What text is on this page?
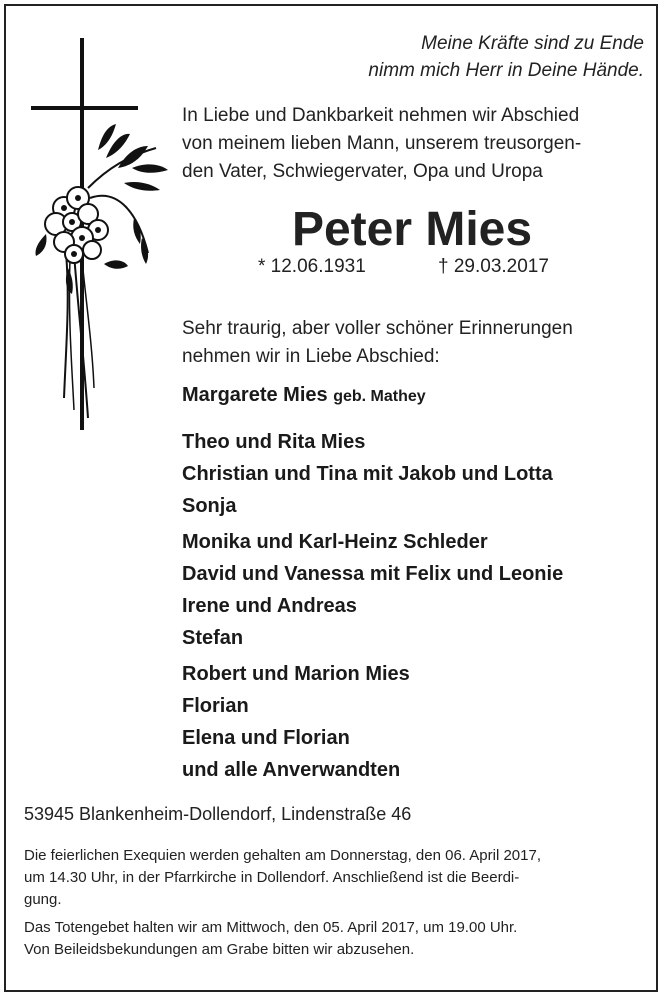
Meine Kräfte sind zu Ende
nimm mich Herr in Deine Hände.
In Liebe und Dankbarkeit nehmen wir Abschied
von meinem lieben Mann, unserem treusorgen-
den Vater, Schwiegervater, Opa und Uropa
Peter Mies
* 12.06.1931	† 29.03.2017
Sehr traurig, aber voller schöner Erinnerungen
nehmen wir in Liebe Abschied:
Margarete Mies geb. Mathey
Theo und Rita Mies
Christian und Tina mit Jakob und Lotta
Sonja
Monika und Karl-Heinz Schleder
David und Vanessa mit Felix und Leonie
Irene und Andreas
Stefan
Robert und Marion Mies
Florian
Elena und Florian
und alle Anverwandten
53945 Blankenheim-Dollendorf, Lindenstraße 46
Die feierlichen Exequien werden gehalten am Donnerstag, den 06. April 2017,
um 14.30 Uhr, in der Pfarrkirche in Dollendorf. Anschließend ist die Beerdi-
gung.
Das Totengebet halten wir am Mittwoch, den 05. April 2017, um 19.00 Uhr.
Von Beileidsbekundungen am Grabe bitten wir abzusehen.
